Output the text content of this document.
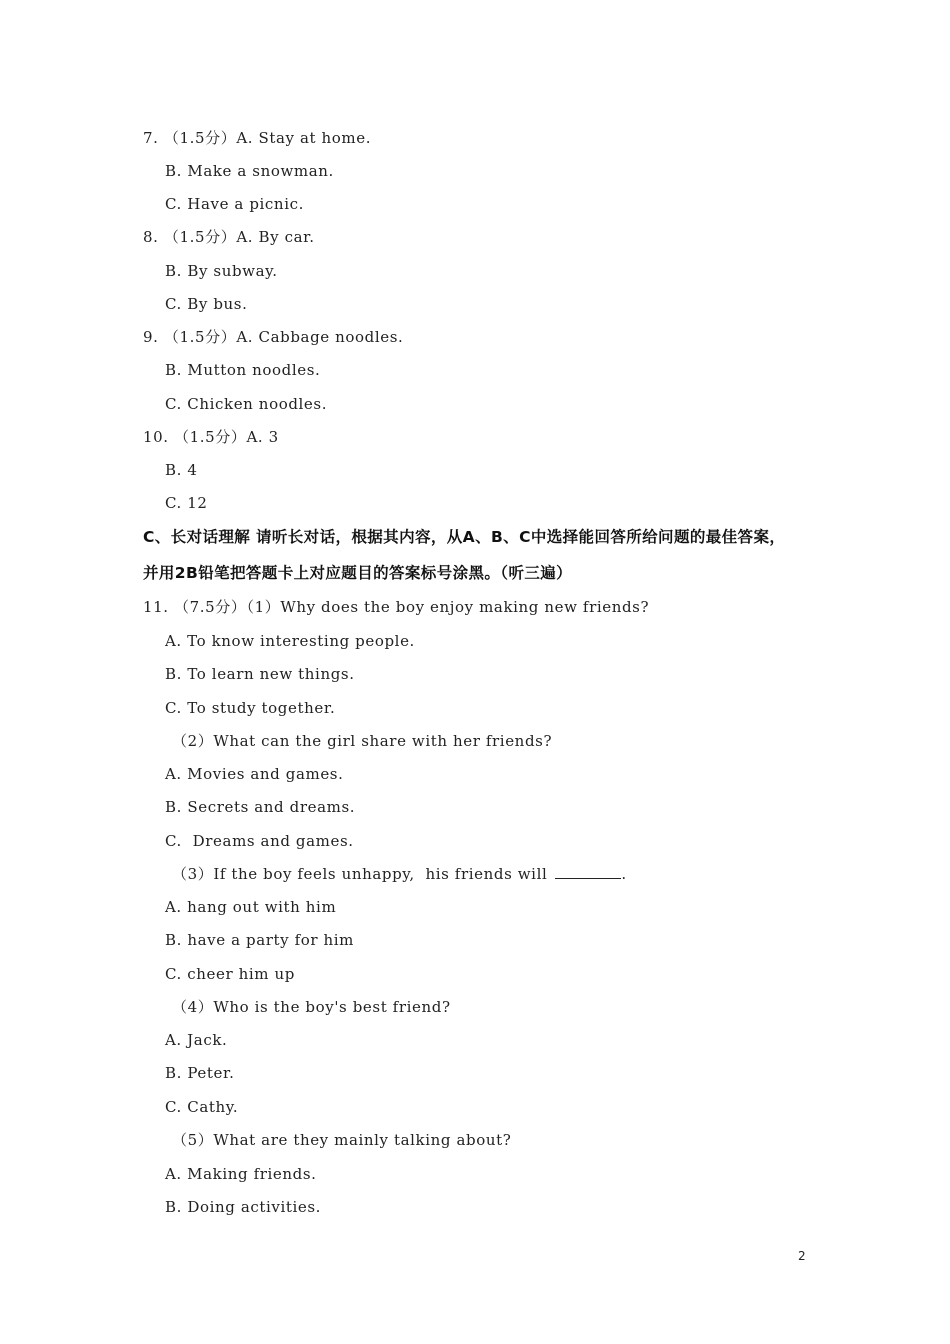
7. （1.5分）A. Stay at home.
B. Make a snowman.
C. Have a picnic.
8. （1.5分）A. By car.
B. By subway.
C. By bus.
9. （1.5分）A. Cabbage noodles.
B. Mutton noodles.
C. Chicken noodles.
10. （1.5分）A. 3
B. 4
C. 12
C、长对话理解 请听长对话，根据其内容，从A、B、C中选择能回答所给问题的最佳答案，
并用2B铅笔把答题卡上对应题目的答案标号涂黑。（听三遍）
11. （7.5分）（1）Why does the boy enjoy making new friends?
A. To know interesting people.
B. To learn new things.
C. To study together.
（2）What can the girl share with her friends?
A. Movies and games.
B. Secrets and dreams.
C.  Dreams and games.
（3）If the boy feels unhappy,  his friends will	.
A. hang out with him
B. have a party for him
C. cheer him up
（4）Who is the boy's best friend?
A. Jack.
B. Peter.
C. Cathy.
（5）What are they mainly talking about?
A. Making friends.
B. Doing activities.
2
